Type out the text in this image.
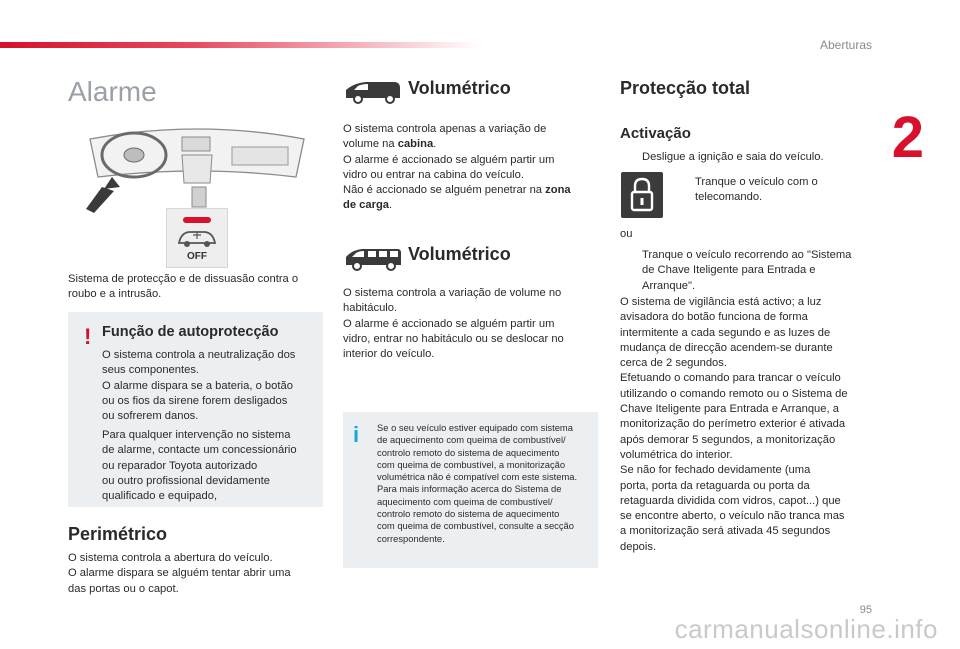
Aberturas
2
95
carmanualsonline.info
Alarme
OFF

Sistema de protecção e de dissuasão contra o roubo e a intrusão.

! Função de autoprotecção

O sistema controla a neutralização dos

seus componentes.

O alarme dispara se a bateria, o botão

ou os fios da sirene forem desligados

ou sofrerem danos.

Para qualquer intervenção no sistema

de alarme, contacte um concessionário

ou reparador Toyota autorizado

ou outro profissional devidamente

qualificado e equipado,

Perimétrico

O sistema controla a abertura do veículo.

O alarme dispara se alguém tentar abrir uma

das portas ou o capot.

Volumétrico

O sistema controla apenas a variação de

volume na cabina.

O alarme é accionado se alguém partir um

vidro ou entrar na cabina do veículo.

Não é accionado se alguém penetrar na zona

de carga.

Volumétrico

O sistema controla a variação de volume no

habitáculo.

O alarme é accionado se alguém partir um

vidro, entrar no habitáculo ou se deslocar no

interior do veículo.

i Se o seu veículo estiver equipado com sistema
de aquecimento com queima de combustível/
controlo remoto do sistema de aquecimento
com queima de combustível, a monitorização
volumétrica não é compatível com este sistema.
Para mais informação acerca do Sistema de
aquecimento com queima de combustível/
controlo remoto do sistema de aquecimento
com queima de combustível, consulte a secção
correspondente.
Protecção total
Activação

Desligue a ignição e saia do veículo.

Tranque o veículo com o

telecomando.

ou

Tranque o veículo recorrendo ao "Sistema

de Chave Iteligente para Entrada e

Arranque".

O sistema de vigilância está activo; a luz

avisadora do botão funciona de forma

intermitente a cada segundo e as luzes de

mudança de direcção acendem-se durante

cerca de 2 segundos.

Efetuando o comando para trancar o veículo

utilizando o comando remoto ou o Sistema de

Chave Iteligente para Entrada e Arranque, a

monitorização do perímetro exterior é ativada

após demorar 5 segundos, a monitorização

volumétrica do interior.

Se não for fechado devidamente (uma

porta, porta da retaguarda ou porta da

retaguarda dividida com vidros, capot...) que

se encontre aberto, o veículo não tranca mas

a monitorização será ativada 45 segundos

depois.
